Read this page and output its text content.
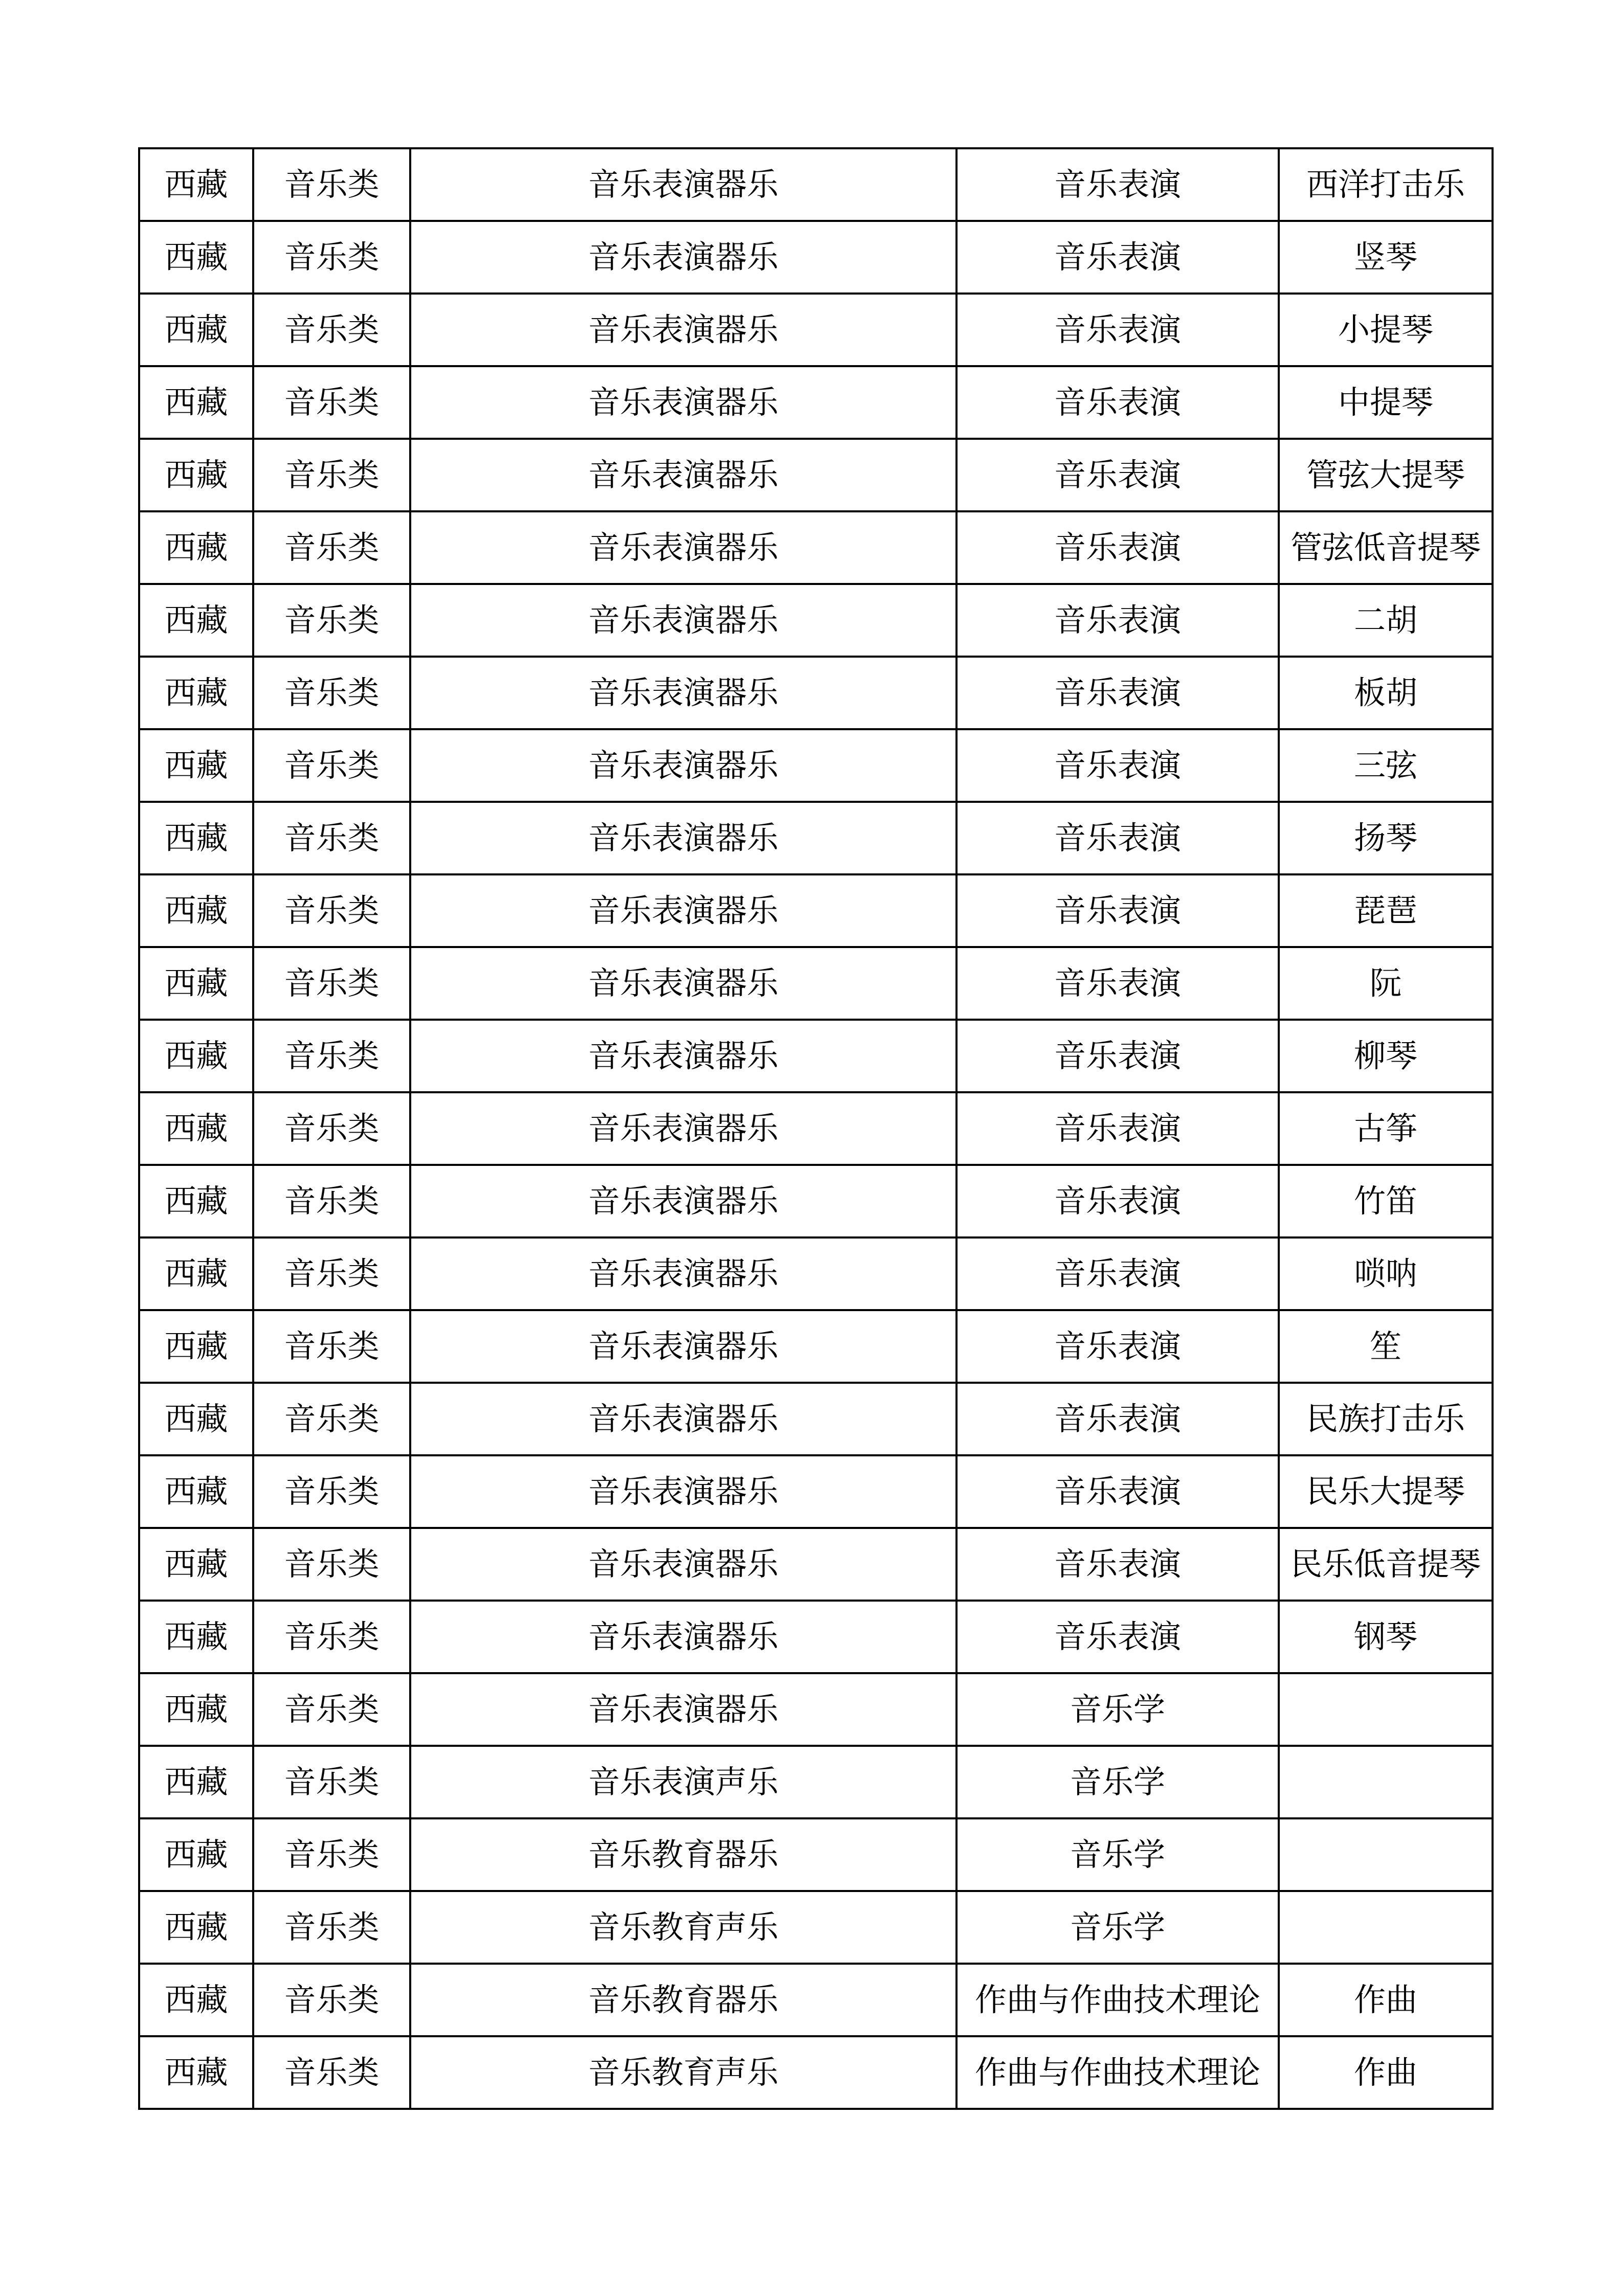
西藏	音乐类	音乐表演器乐	音乐表演	西洋打击乐
西藏	音乐类	音乐表演器乐	音乐表演	竖琴
西藏	音乐类	音乐表演器乐	音乐表演	小提琴
西藏	音乐类	音乐表演器乐	音乐表演	中提琴
西藏	音乐类	音乐表演器乐	音乐表演	管弦大提琴
西藏	音乐类	音乐表演器乐	音乐表演	管弦低音提琴
西藏	音乐类	音乐表演器乐	音乐表演	二胡
西藏	音乐类	音乐表演器乐	音乐表演	板胡
西藏	音乐类	音乐表演器乐	音乐表演	三弦
西藏	音乐类	音乐表演器乐	音乐表演	扬琴
西藏	音乐类	音乐表演器乐	音乐表演	琵琶
西藏	音乐类	音乐表演器乐	音乐表演	阮
西藏	音乐类	音乐表演器乐	音乐表演	柳琴
西藏	音乐类	音乐表演器乐	音乐表演	古筝
西藏	音乐类	音乐表演器乐	音乐表演	竹笛
西藏	音乐类	音乐表演器乐	音乐表演	唢呐
西藏	音乐类	音乐表演器乐	音乐表演	笙
西藏	音乐类	音乐表演器乐	音乐表演	民族打击乐
西藏	音乐类	音乐表演器乐	音乐表演	民乐大提琴
西藏	音乐类	音乐表演器乐	音乐表演	民乐低音提琴
西藏	音乐类	音乐表演器乐	音乐表演	钢琴
西藏	音乐类	音乐表演器乐	音乐学	
西藏	音乐类	音乐表演声乐	音乐学	
西藏	音乐类	音乐教育器乐	音乐学	
西藏	音乐类	音乐教育声乐	音乐学	
西藏	音乐类	音乐教育器乐	作曲与作曲技术理论	作曲
西藏	音乐类	音乐教育声乐	作曲与作曲技术理论	作曲
